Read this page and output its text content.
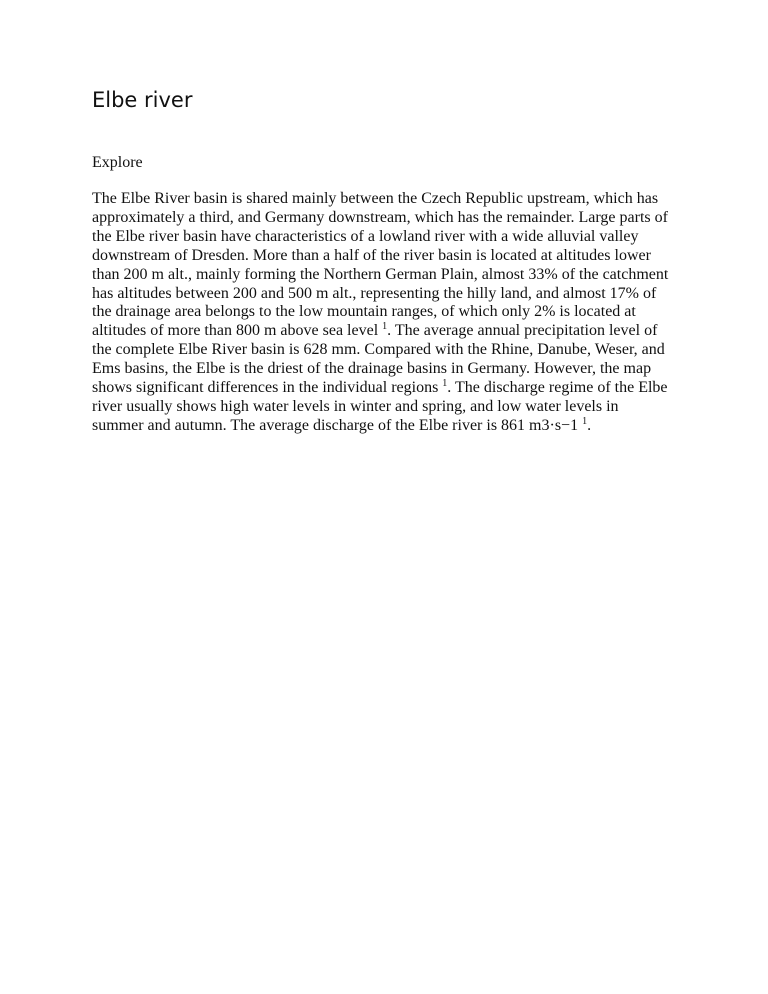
Elbe river

Explore

The Elbe River basin is shared mainly between the Czech Republic upstream, which has approximately a third, and Germany downstream, which has the remainder. Large parts of the Elbe river basin have characteristics of a lowland river with a wide alluvial valley downstream of Dresden. More than a half of the river basin is located at altitudes lower than 200 m alt., mainly forming the Northern German Plain, almost 33% of the catchment has altitudes between 200 and 500 m alt., representing the hilly land, and almost 17% of the drainage area belongs to the low mountain ranges, of which only 2% is located at altitudes of more than 800 m above sea level $^1$. The average annual precipitation level of the complete Elbe River basin is 628 mm. Compared with the Rhine, Danube, Weser, and Ems basins, the Elbe is the driest of the drainage basins in Germany. However, the map shows significant differences in the individual regions $^1$. The discharge regime of the Elbe river usually shows high water levels in winter and spring, and low water levels in summer and autumn. The average discharge of the Elbe river is 861 m3·s−1 $^1$.
